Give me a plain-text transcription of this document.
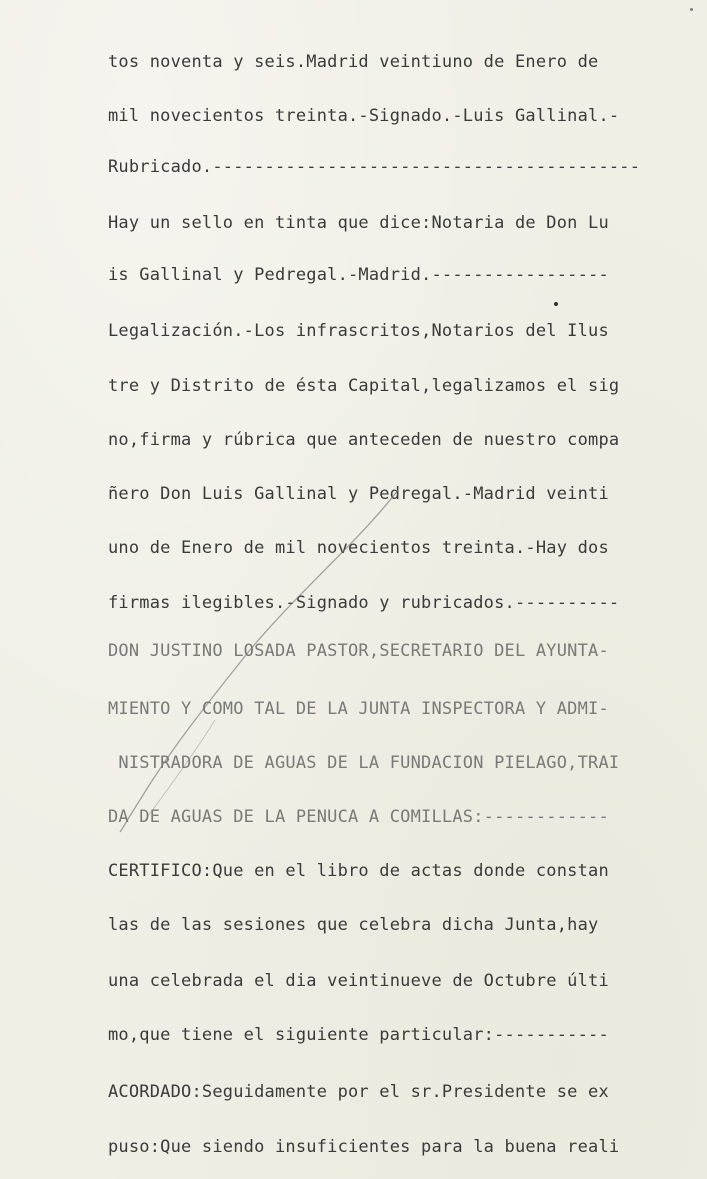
tos noventa y seis.Madrid veintiuno de Enero de
mil novecientos treinta.-Signado.-Luis Gallinal.-
Rubricado.-----------------------------------------
Hay un sello en tinta que dice:Notaria de Don Lu
is Gallinal y Pedregal.-Madrid.-----------------
Legalización.-Los infrascritos,Notarios del Ilus
tre y Distrito de ésta Capital,legalizamos el sig
no,firma y rúbrica que anteceden de nuestro compa
ñero Don Luis Gallinal y Pedregal.-Madrid veinti
uno de Enero de mil novecientos treinta.-Hay dos
firmas ilegibles.-Signado y rubricados.----------
DON JUSTINO LOSADA PASTOR,SECRETARIO DEL AYUNTA-
MIENTO Y COMO TAL DE LA JUNTA INSPECTORA Y ADMI-
NISTRADORA DE AGUAS DE LA FUNDACION PIELAGO,TRAI
DA DE AGUAS DE LA PENUCA A COMILLAS:------------
CERTIFICO:Que en el libro de actas donde constan
las de las sesiones que celebra dicha Junta,hay
una celebrada el dia veintinueve de Octubre últi
mo,que tiene el siguiente particular:-----------
ACORDADO:Seguidamente por el sr.Presidente se ex
puso:Que siendo insuficientes para la buena reali
